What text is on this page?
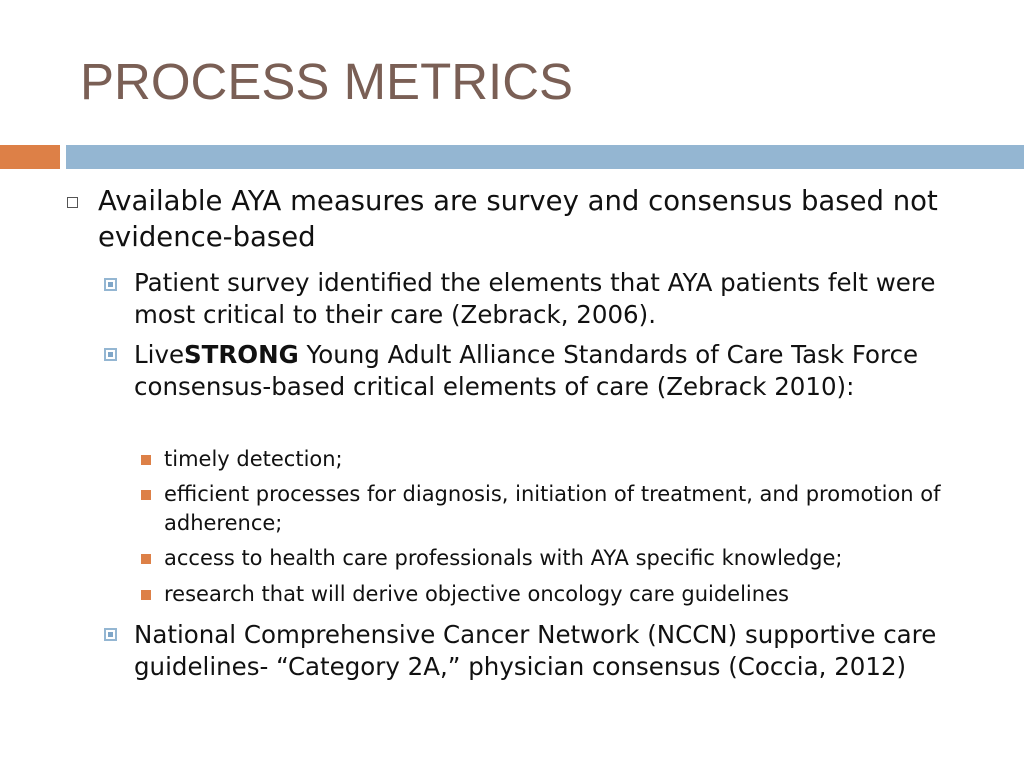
PROCESS METRICS
Available AYA measures are survey and consensus based not evidence-based
Patient survey identified the elements that AYA patients felt were most critical to their care (Zebrack, 2006).
LiveSTRONG Young Adult Alliance Standards of Care Task Force consensus-based critical elements of care (Zebrack 2010):
timely detection;
efficient processes for diagnosis, initiation of treatment, and promotion of adherence;
access to health care professionals with AYA specific knowledge;
research that will derive objective oncology care guidelines
National Comprehensive Cancer Network (NCCN) supportive care guidelines- “Category 2A,” physician consensus (Coccia, 2012)
